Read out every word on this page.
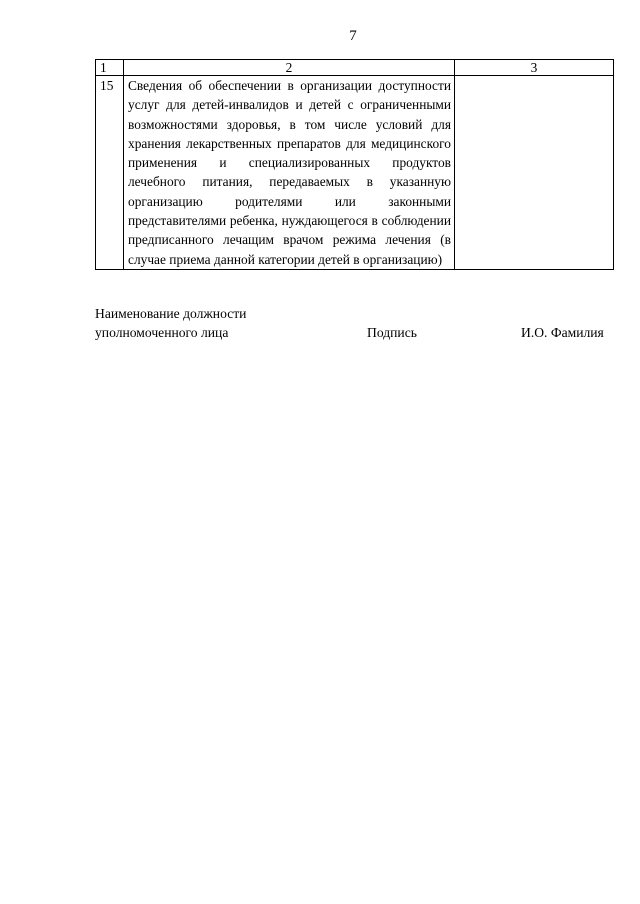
7
1	2	3
15	Сведения об обеспечении в организации доступности услуг для детей-инвалидов и детей с ограниченными возможностями здоровья, в том числе условий для хранения лекарственных препаратов для медицинского применения и специализированных продуктов лечебного питания, передаваемых в указанную организацию родителями или законными представителями ребенка, нуждающегося в соблюдении предписанного лечащим врачом режима лечения (в случае приема данной категории детей в организацию)	
Наименование должности
уполномоченного лица	Подпись	И.О. Фамилия
